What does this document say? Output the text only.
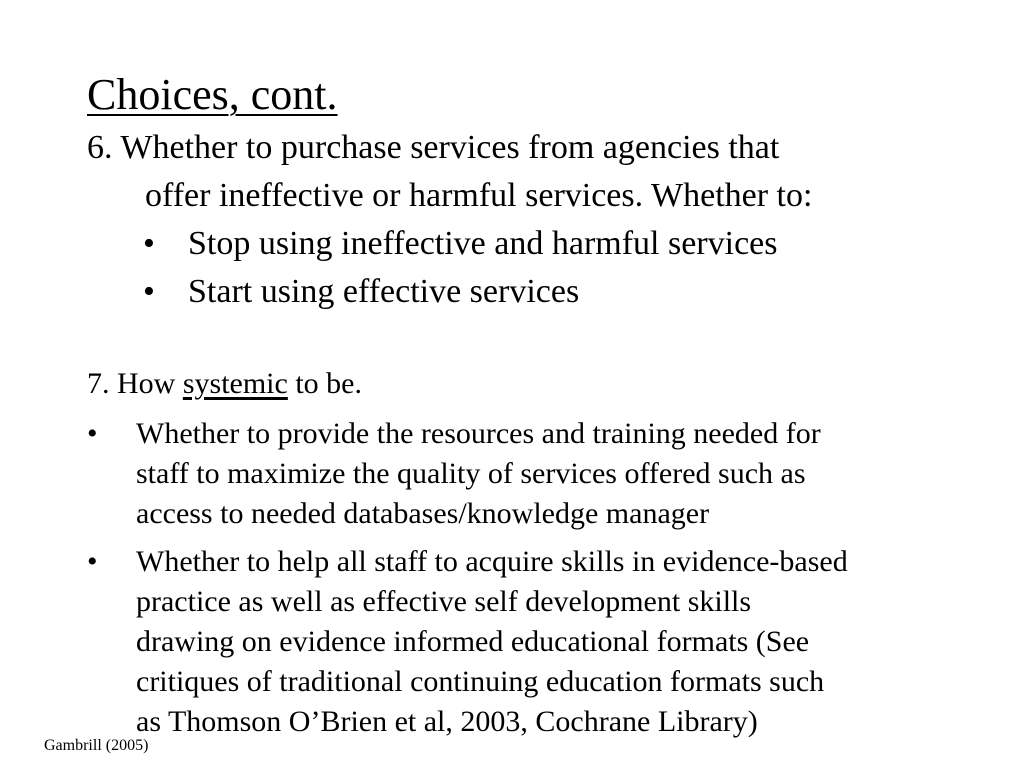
Choices, cont.
6. Whether to purchase services from agencies that
offer ineffective or harmful services. Whether to:
• Stop using ineffective and harmful services
• Start using effective services
7. How systemic to be.
• Whether to provide the resources and training needed for
staff to maximize the quality of services offered such as
access to needed databases/knowledge manager
• Whether to help all staff to acquire skills in evidence-based
practice as well as effective self development skills
drawing on evidence informed educational formats (See
critiques of traditional continuing education formats such
as Thomson O’Brien et al, 2003, Cochrane Library)
Gambrill (2005)
